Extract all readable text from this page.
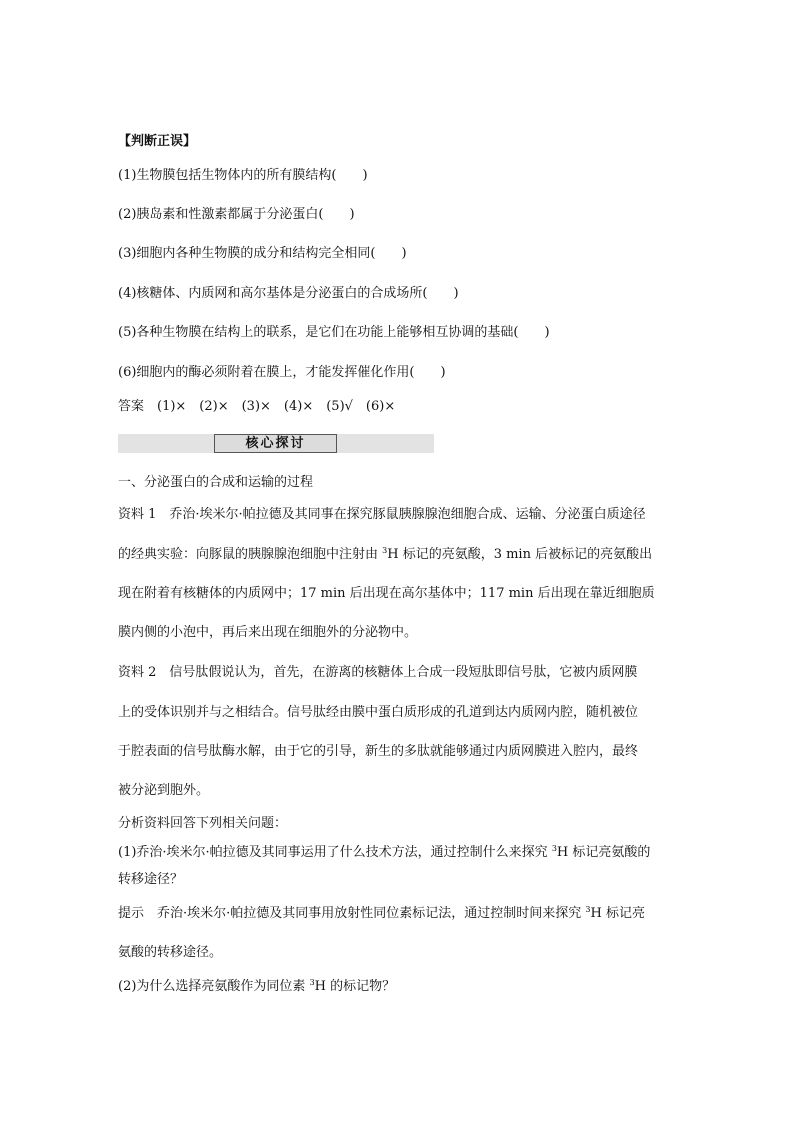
【判断正误】
(1)生物膜包括生物体内的所有膜结构(　　)
(2)胰岛素和性激素都属于分泌蛋白(　　)
(3)细胞内各种生物膜的成分和结构完全相同(　　)
(4)核糖体、内质网和高尔基体是分泌蛋白的合成场所(　　)
(5)各种生物膜在结构上的联系，是它们在功能上能够相互协调的基础(　　)
(6)细胞内的酶必须附着在膜上，才能发挥催化作用(　　)
答案　(1)×　(2)×　(3)×　(4)×　(5)√　(6)×
核心探讨
一、分泌蛋白的合成和运输的过程
资料 1　乔治·埃米尔·帕拉德及其同事在探究豚鼠胰腺腺泡细胞合成、运输、分泌蛋白质途径
的经典实验：向豚鼠的胰腺腺泡细胞中注射由 $^3$H 标记的亮氨酸，3 min 后被标记的亮氨酸出
现在附着有核糖体的内质网中；17 min 后出现在高尔基体中；117 min 后出现在靠近细胞质
膜内侧的小泡中，再后来出现在细胞外的分泌物中。
资料 2　信号肽假说认为，首先，在游离的核糖体上合成一段短肽即信号肽，它被内质网膜
上的受体识别并与之相结合。信号肽经由膜中蛋白质形成的孔道到达内质网内腔，随机被位
于腔表面的信号肽酶水解，由于它的引导，新生的多肽就能够通过内质网膜进入腔内，最终
被分泌到胞外。
分析资料回答下列相关问题：
(1)乔治·埃米尔·帕拉德及其同事运用了什么技术方法，通过控制什么来探究 $^3$H 标记亮氨酸的
转移途径？
提示　乔治·埃米尔·帕拉德及其同事用放射性同位素标记法，通过控制时间来探究 $^3$H 标记亮
氨酸的转移途径。
(2)为什么选择亮氨酸作为同位素 $^3$H 的标记物？
